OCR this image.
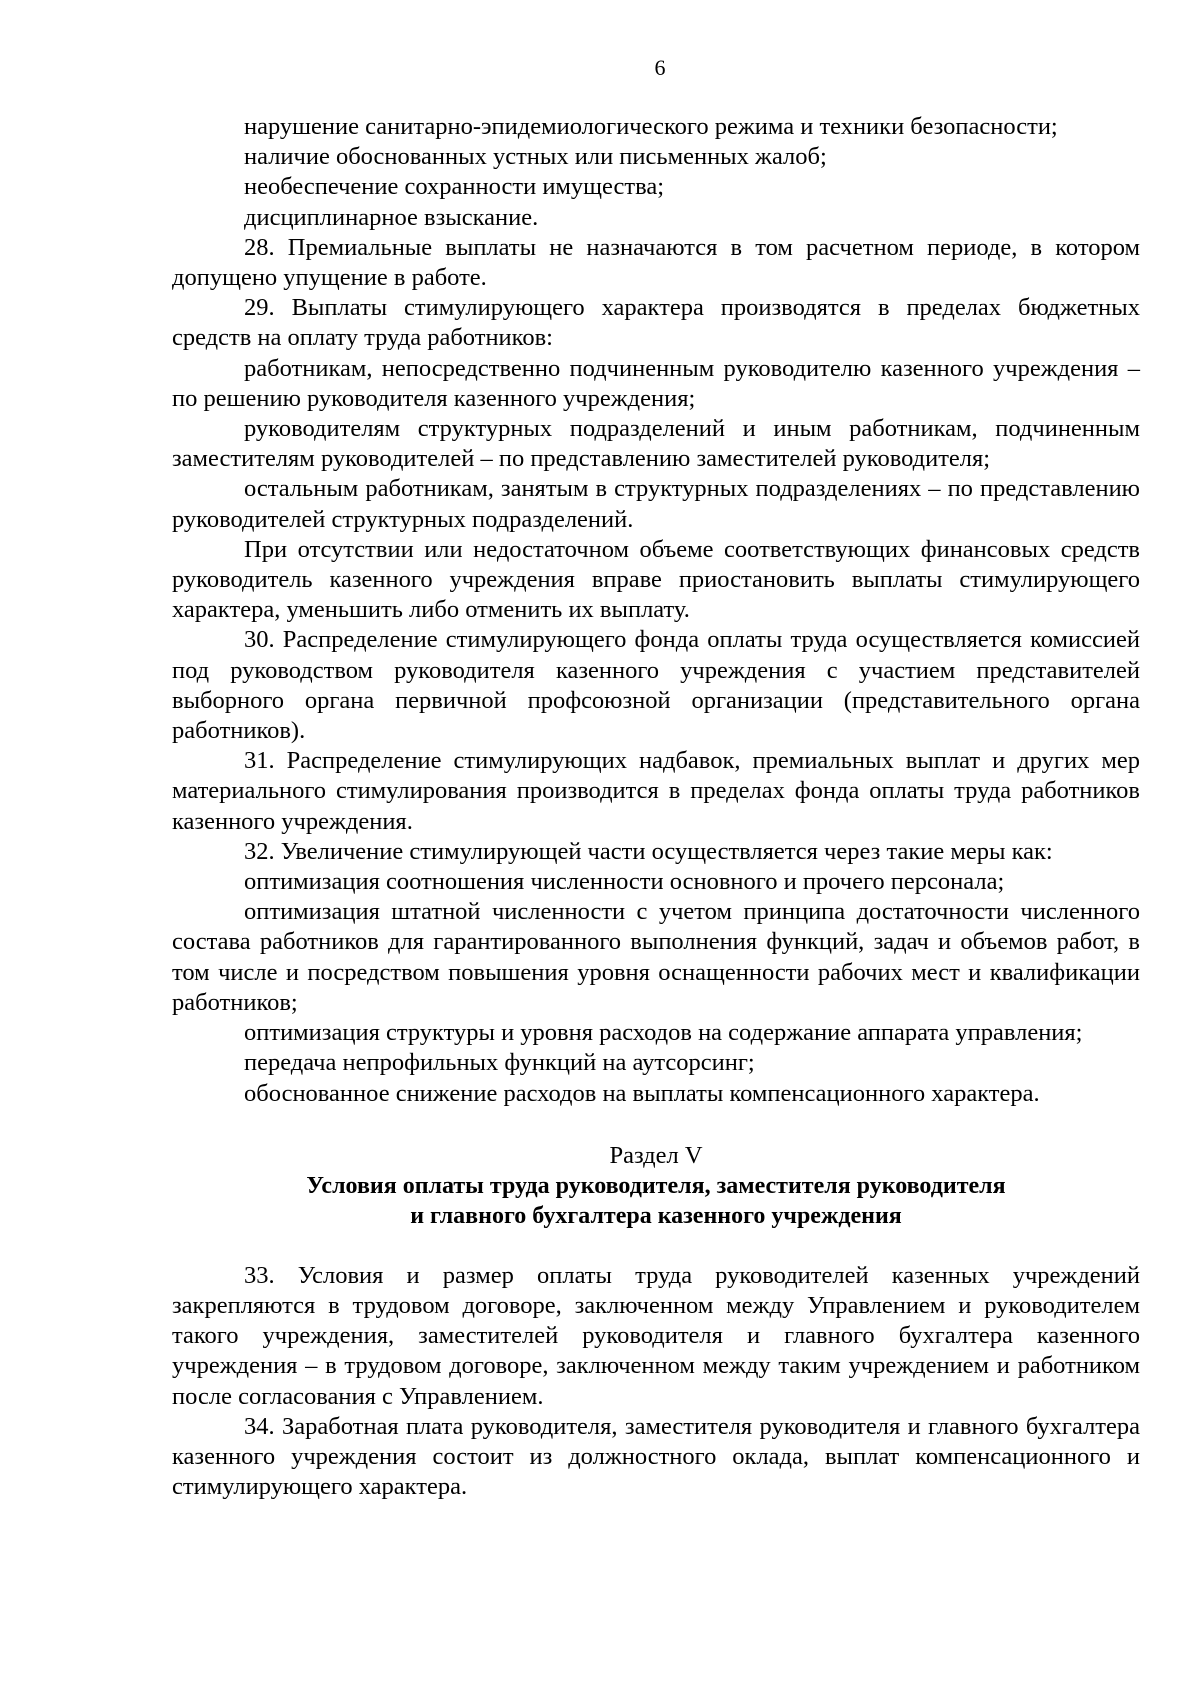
6

нарушение санитарно-эпидемиологического режима и техники безопасности;

наличие обоснованных устных или письменных жалоб;

необеспечение сохранности имущества;

дисциплинарное взыскание.

28. Премиальные выплаты не назначаются в том расчетном периоде, в котором допущено упущение в работе.

29. Выплаты стимулирующего характера производятся в пределах бюджетных средств на оплату труда работников:

работникам, непосредственно подчиненным руководителю казенного учреждения – по решению руководителя казенного учреждения;

руководителям структурных подразделений и иным работникам, подчиненным заместителям руководителей – по представлению заместителей руководителя;

остальным работникам, занятым в структурных подразделениях – по представлению руководителей структурных подразделений.

При отсутствии или недостаточном объеме соответствующих финансовых средств руководитель казенного учреждения вправе приостановить выплаты стимулирующего характера, уменьшить либо отменить их выплату.

30. Распределение стимулирующего фонда оплаты труда осуществляется комиссией под руководством руководителя казенного учреждения с участием представителей выборного органа первичной профсоюзной организации (представительного органа работников).

31. Распределение стимулирующих надбавок, премиальных выплат и других мер материального стимулирования производится в пределах фонда оплаты труда работников казенного учреждения.

32. Увеличение стимулирующей части осуществляется через такие меры как:

оптимизация соотношения численности основного и прочего персонала;

оптимизация штатной численности с учетом принципа достаточности численного состава работников для гарантированного выполнения функций, задач и объемов работ, в том числе и посредством повышения уровня оснащенности рабочих мест и квалификации работников;

оптимизация структуры и уровня расходов на содержание аппарата управления;

передача непрофильных функций на аутсорсинг;

обоснованное снижение расходов на выплаты компенсационного характера.

Раздел V
Условия оплаты труда руководителя, заместителя руководителя
и главного бухгалтера казенного учреждения

33. Условия и размер оплаты труда руководителей казенных учреждений закрепляются в трудовом договоре, заключенном между Управлением и руководителем такого учреждения, заместителей руководителя и главного бухгалтера казенного учреждения – в трудовом договоре, заключенном между таким учреждением и работником после согласования с Управлением.

34. Заработная плата руководителя, заместителя руководителя и главного бухгалтера казенного учреждения состоит из должностного оклада, выплат компенсационного и стимулирующего характера.
